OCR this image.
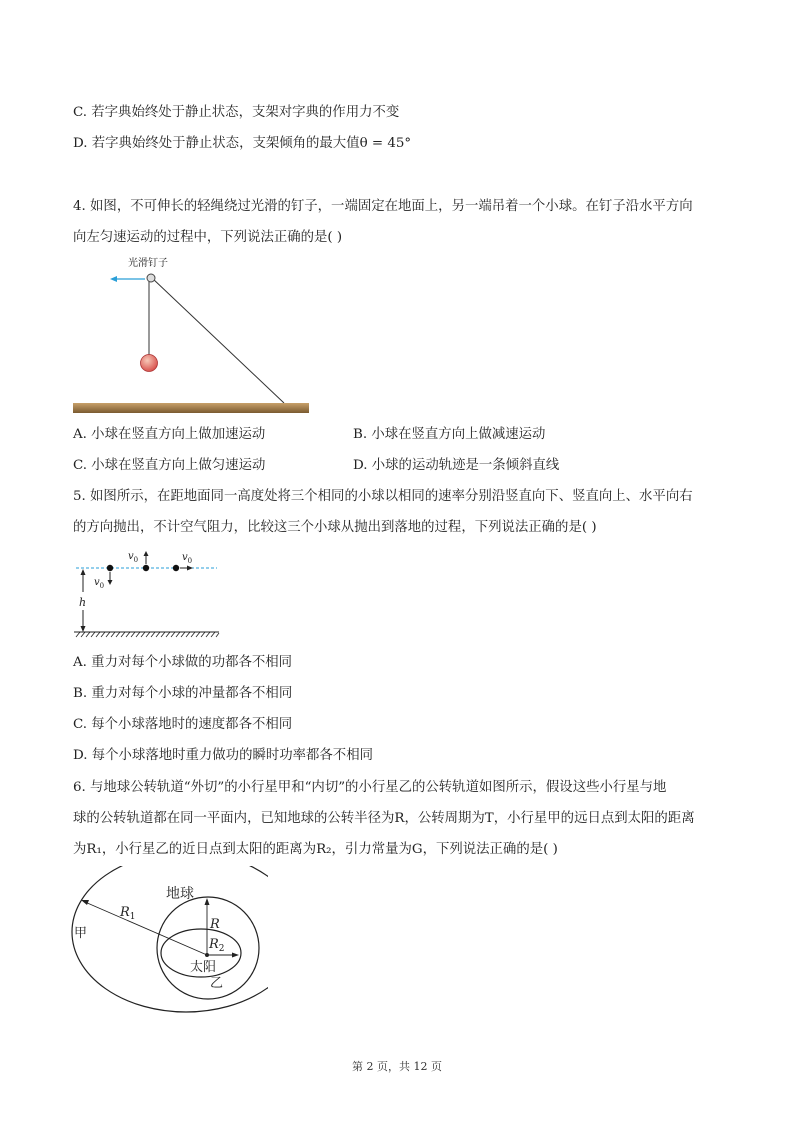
C. 若字典始终处于静止状态，支架对字典的作用力不变
D. 若字典始终处于静止状态，支架倾角的最大值θ = 45°
4. 如图，不可伸长的轻绳绕过光滑的钉子，一端固定在地面上，另一端吊着一个小球。在钉子沿水平方向
向左匀速运动的过程中，下列说法正确的是( )
光滑钉子
A. 小球在竖直方向上做加速运动	B. 小球在竖直方向上做减速运动
C. 小球在竖直方向上做匀速运动	D. 小球的运动轨迹是一条倾斜直线
5. 如图所示，在距地面同一高度处将三个相同的小球以相同的速率分别沿竖直向下、竖直向上、水平向右
的方向抛出，不计空气阻力，比较这三个小球从抛出到落地的过程，下列说法正确的是( )
h
$v_0$
$v_0$	$v_0$
A. 重力对每个小球做的功都各不相同
B. 重力对每个小球的冲量都各不相同
C. 每个小球落地时的速度都各不相同
D. 每个小球落地时重力做功的瞬时功率都各不相同
6. 与地球公转轨道“外切”的小行星甲和“内切”的小行星乙的公转轨道如图所示，假设这些小行星与地
球的公转轨道都在同一平面内，已知地球的公转半径为R，公转周期为T，小行星甲的远日点到太阳的距离
为R₁，小行星乙的近日点到太阳的距离为R₂，引力常量为G，下列说法正确的是( )
$R_1$	R
$R_2$
地球
甲
太阳
乙
第 2 页，共 12 页
